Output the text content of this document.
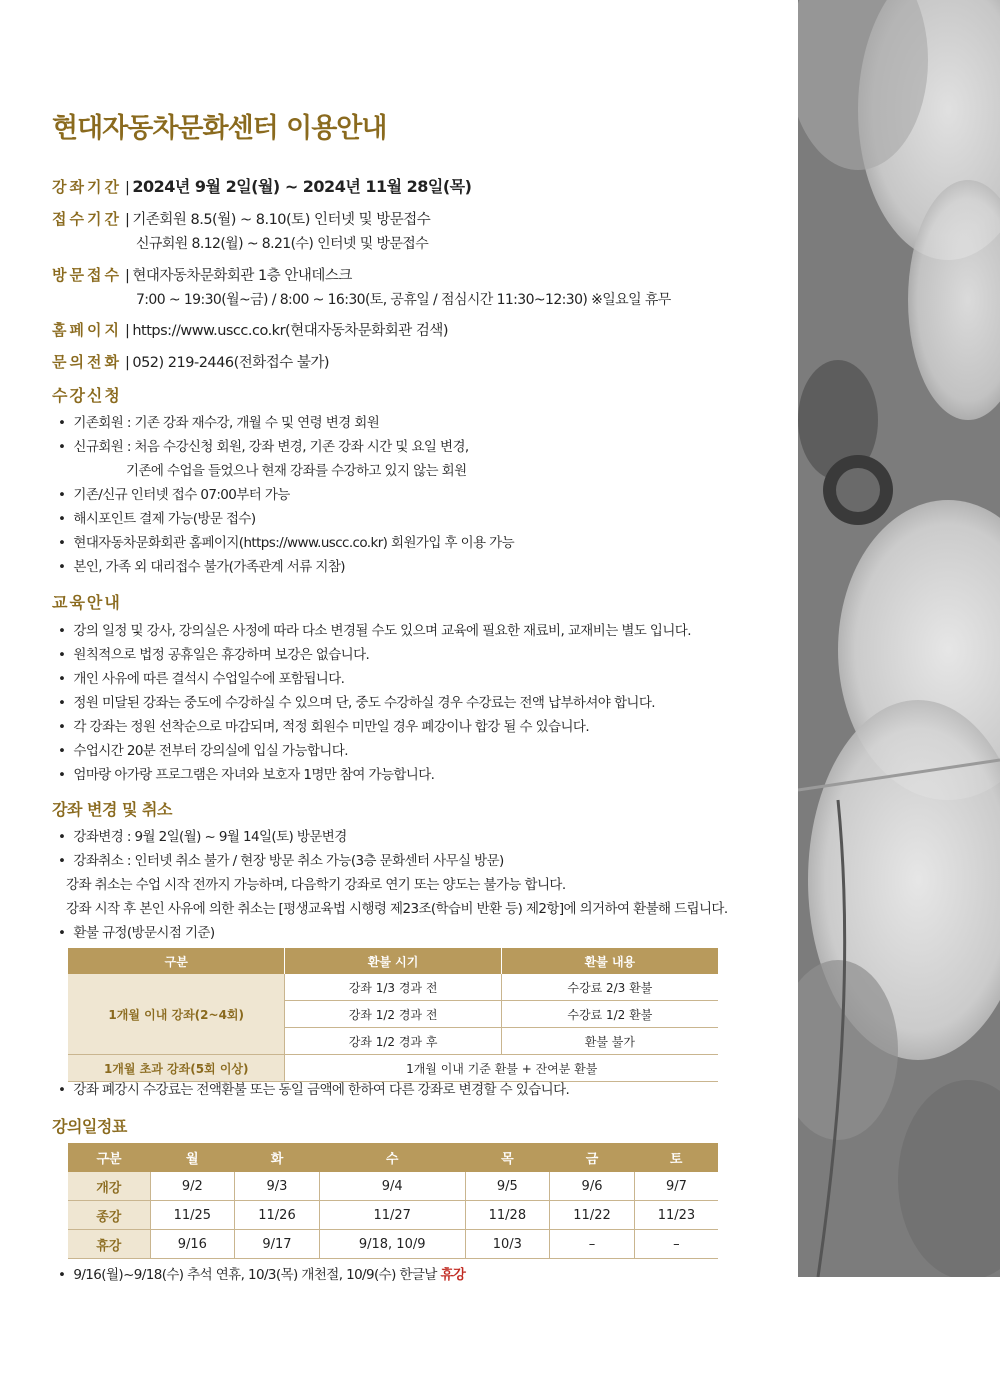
현대자동차문화센터 이용안내
강좌기간 | 2024년 9월 2일(월) ~ 2024년 11월 28일(목)
접수기간 | 기존회원 8.5(월) ~ 8.10(토) 인터넷 및 방문접수
신규회원 8.12(월) ~ 8.21(수) 인터넷 및 방문접수
방문접수 | 현대자동차문화회관 1층 안내데스크
7:00 ~ 19:30(월~금) / 8:00 ~ 16:30(토, 공휴일 / 점심시간 11:30~12:30) ※일요일 휴무
홈페이지 | https://www.uscc.co.kr(현대자동차문화회관 검색)
문의전화 | 052) 219-2446(전화접수 불가)
수강신청
• 기존회원 : 기존 강좌 재수강, 개월 수 및 연령 변경 회원
• 신규회원 : 처음 수강신청 회원, 강좌 변경, 기존 강좌 시간 및 요일 변경,
기존에 수업을 들었으나 현재 강좌를 수강하고 있지 않는 회원
• 기존/신규 인터넷 접수 07:00부터 가능
• 해시포인트 결제 가능(방문 접수)
• 현대자동차문화회관 홈페이지(https://www.uscc.co.kr) 회원가입 후 이용 가능
• 본인, 가족 외 대리접수 불가(가족관계 서류 지참)
교육안내
• 강의 일정 및 강사, 강의실은 사정에 따라 다소 변경될 수도 있으며 교육에 필요한 재료비, 교재비는 별도 입니다.
• 원칙적으로 법정 공휴일은 휴강하며 보강은 없습니다.
• 개인 사유에 따른 결석시 수업일수에 포함됩니다.
• 정원 미달된 강좌는 중도에 수강하실 수 있으며 단, 중도 수강하실 경우 수강료는 전액 납부하셔야 합니다.
• 각 강좌는 정원 선착순으로 마감되며, 적정 회원수 미만일 경우 폐강이나 합강 될 수 있습니다.
• 수업시간 20분 전부터 강의실에 입실 가능합니다.
• 엄마랑 아가랑 프로그램은 자녀와 보호자 1명만 참여 가능합니다.
강좌 변경 및 취소
• 강좌변경 : 9월 2일(월) ~ 9월 14일(토) 방문변경
• 강좌취소 : 인터넷 취소 불가 / 현장 방문 취소 가능(3층 문화센터 사무실 방문)
강좌 취소는 수업 시작 전까지 가능하며, 다음학기 강좌로 연기 또는 양도는 불가능 합니다.
강좌 시작 후 본인 사유에 의한 취소는 [평생교육법 시행령 제23조(학습비 반환 등) 제2항]에 의거하여 환불해 드립니다.
• 환불 규정(방문시점 기준)
구분	환불 시기	환불 내용
1개월 이내 강좌(2~4회)	강좌 1/3 경과 전	수강료 2/3 환불
	강좌 1/2 경과 전	수강료 1/2 환불
	강좌 1/2 경과 후	환불 불가
1개월 초과 강좌(5회 이상)	1개월 이내 기준 환불 + 잔여분 환불	
• 강좌 폐강시 수강료는 전액환불 또는 동일 금액에 한하여 다른 강좌로 변경할 수 있습니다.
강의일정표
구분	월	화	수	목	금	토
개강	9/2	9/3	9/4	9/5	9/6	9/7
종강	11/25	11/26	11/27	11/28	11/22	11/23
휴강	9/16	9/17	9/18, 10/9	10/3	–	–
• 9/16(월)~9/18(수) 추석 연휴, 10/3(목) 개천절, 10/9(수) 한글날 휴강
